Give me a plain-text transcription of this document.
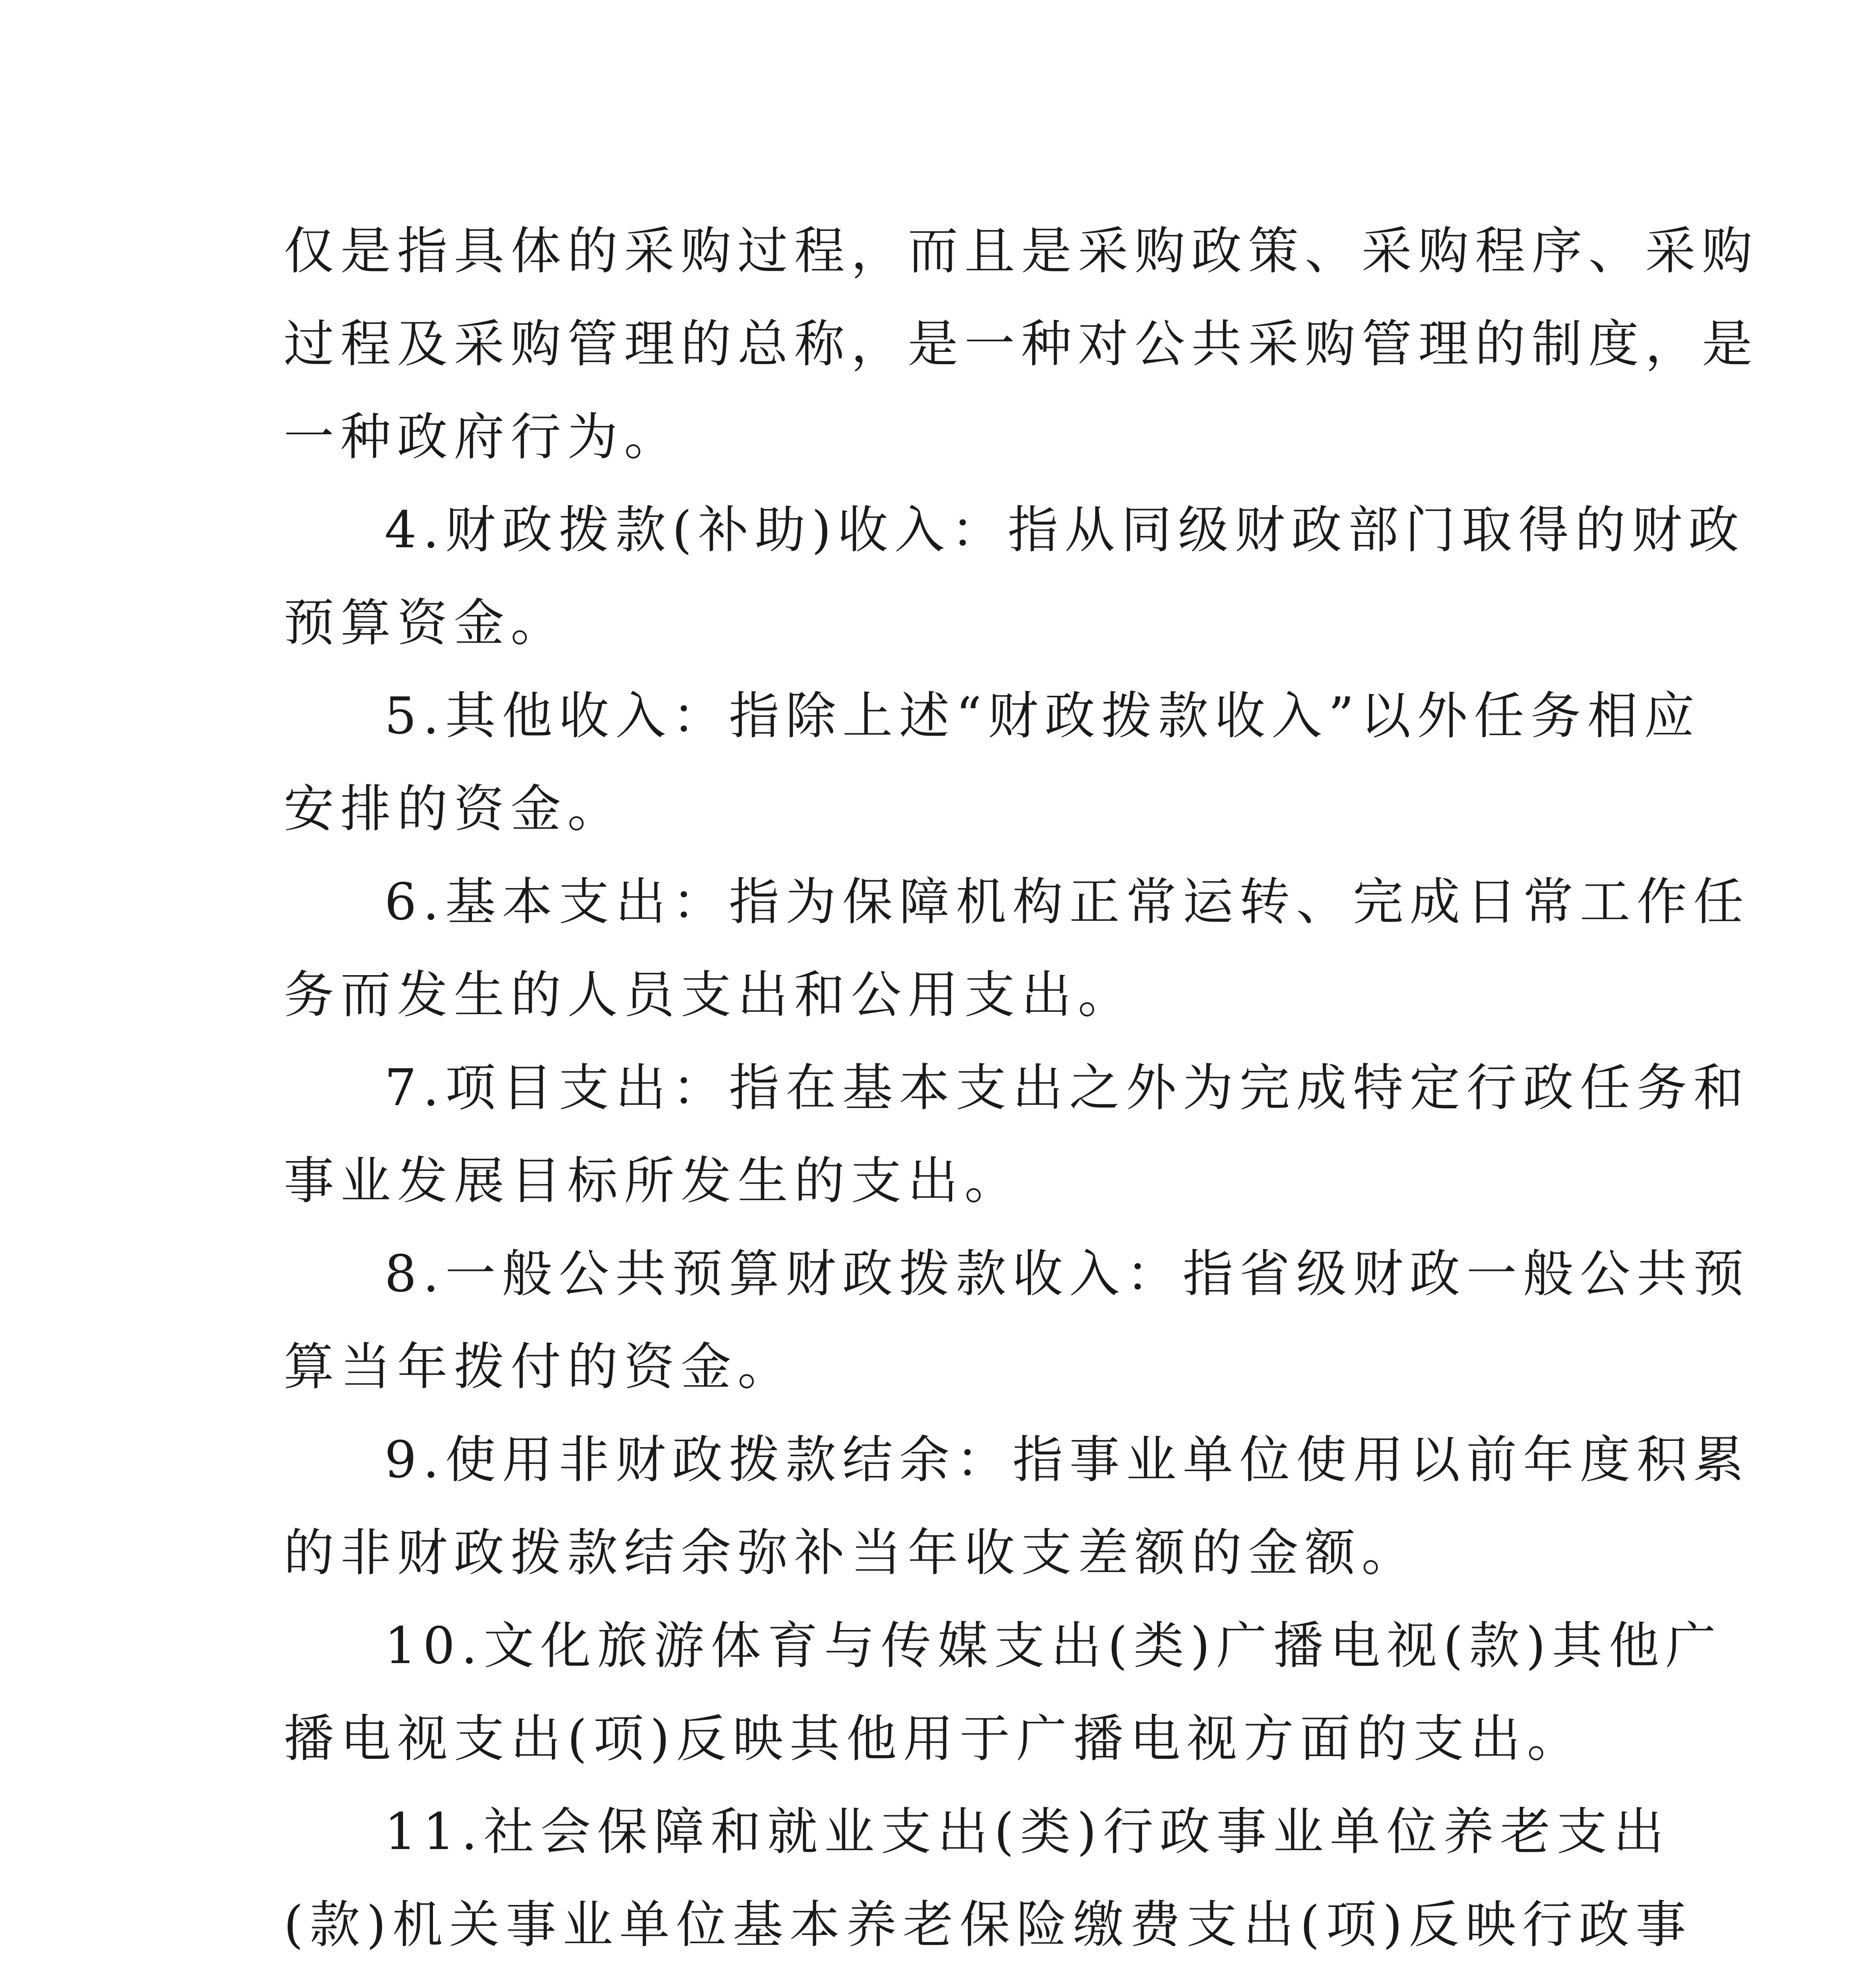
仅是指具体的采购过程，而且是采购政策、采购程序、采购
过程及采购管理的总称，是一种对公共采购管理的制度，是
一种政府行为。
4.财政拨款(补助)收入：指从同级财政部门取得的财政
预算资金。
5.其他收入：指除上述“财政拨款收入”以外任务相应
安排的资金。
6.基本支出：指为保障机构正常运转、完成日常工作任
务而发生的人员支出和公用支出。
7.项目支出：指在基本支出之外为完成特定行政任务和
事业发展目标所发生的支出。
8.一般公共预算财政拨款收入：指省级财政一般公共预
算当年拨付的资金。
9.使用非财政拨款结余：指事业单位使用以前年度积累
的非财政拨款结余弥补当年收支差额的金额。
10.文化旅游体育与传媒支出(类)广播电视(款)其他广
播电视支出(项)反映其他用于广播电视方面的支出。
11.社会保障和就业支出(类)行政事业单位养老支出
(款)机关事业单位基本养老保险缴费支出(项)反映行政事
